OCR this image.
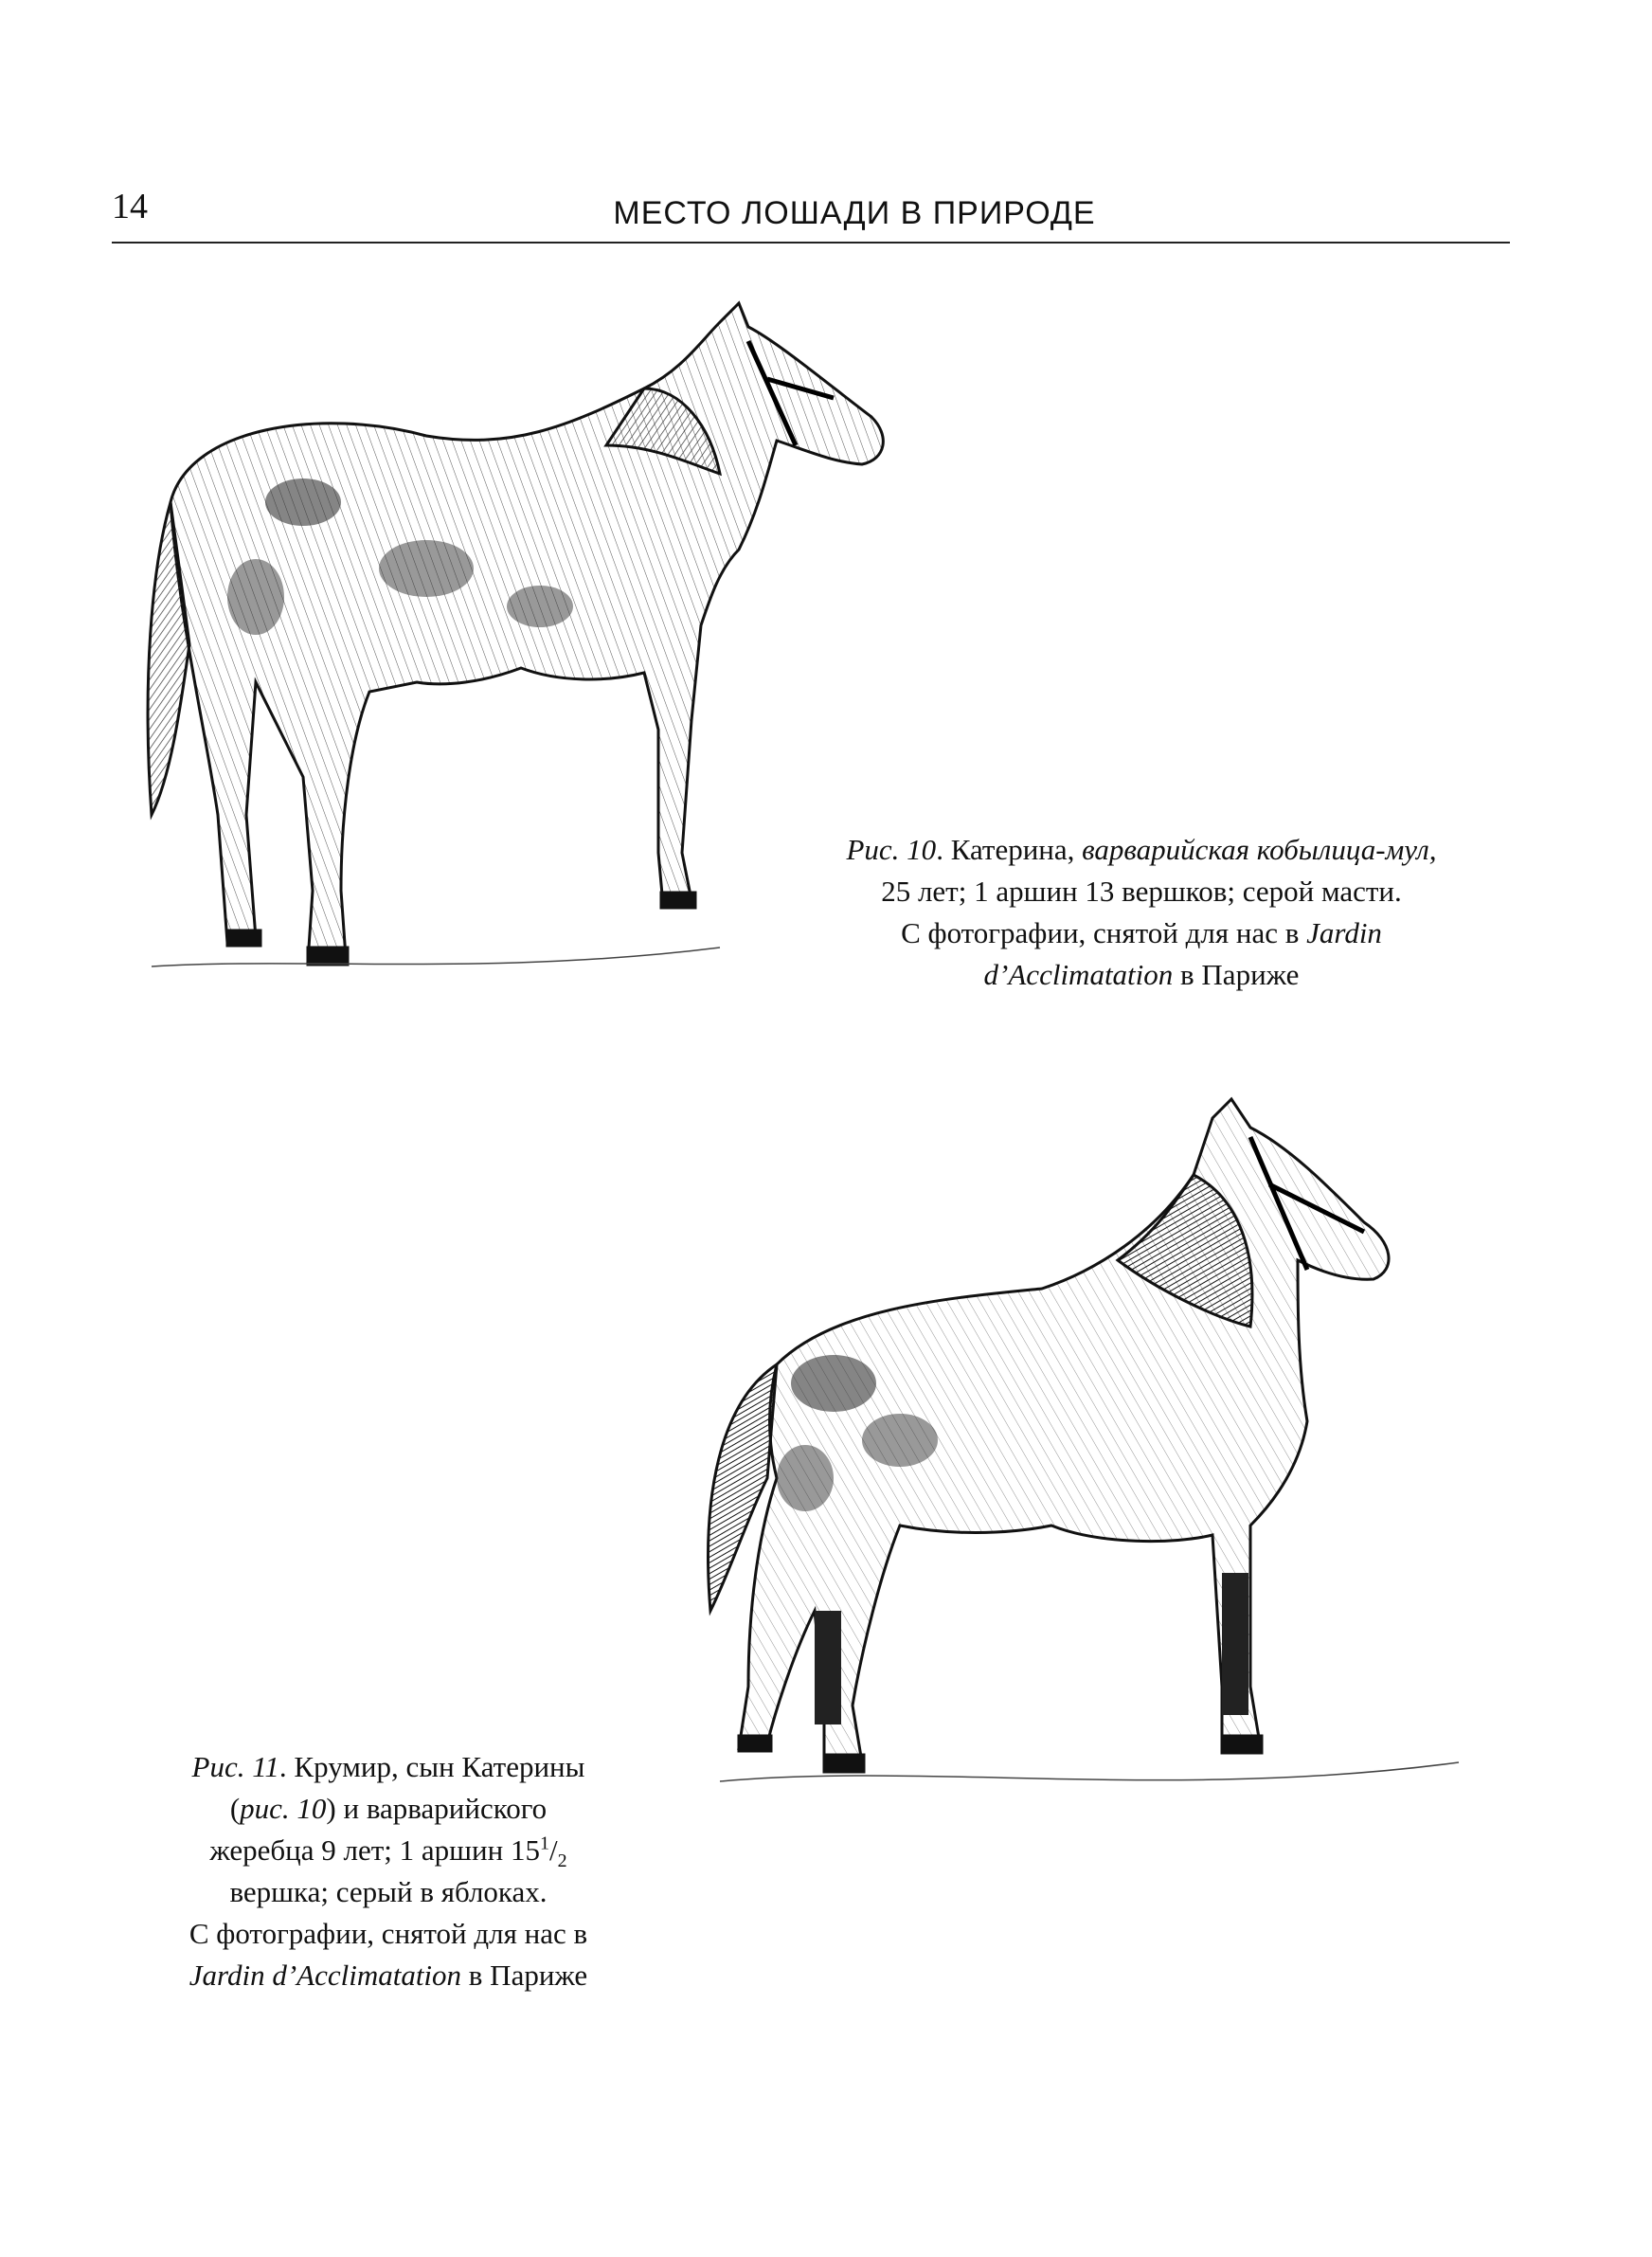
14	МЕСТО ЛОШАДИ В ПРИРОДЕ
Рис. 10. Катерина, варварийская кобылица-мул,
25 лет; 1 аршин 13 вершков; серой масти.
С фотографии, снятой для нас в Jardin
d’Acclimatation в Париже
Рис. 11. Крумир, сын Катерины
(рис. 10) и варварийского
жеребца 9 лет; 1 аршин $15^1/_2$
вершка; серый в яблоках.
С фотографии, снятой для нас в
Jardin d’Acclimatation в Париже
